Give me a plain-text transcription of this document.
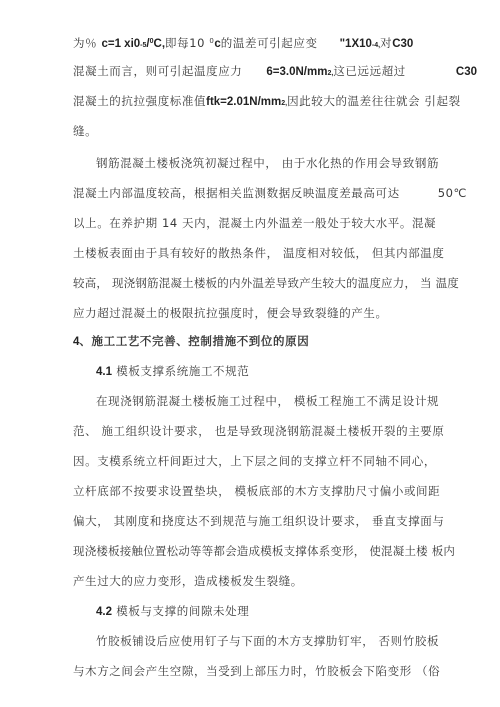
为％ c=1 xi0-5/$^0$C,即每10 $^0$c的温差可引起应变 "1X10-4,对C30
混凝土而言，则可引起温度应力 6=3.0N/mm2,这已远远超过	C30
混凝土的抗拉强度标准值ftk=2.01N/mm2,因此较大的温差往往就会 引起裂
缝。
钢筋混凝土楼板浇筑初凝过程中， 由于水化热的作用会导致钢筋
混凝土内部温度较高，根据相关监测数据反映温度差最高可达	50℃
以上。在养护期 14 天内，混凝土内外温差一般处于较大水平。混凝
土楼板表面由于具有较好的散热条件， 温度相对较低， 但其内部温度
较高， 现浇钢筋混凝土楼板的内外温差导致产生较大的温度应力， 当 温度
应力超过混凝土的极限抗拉强度时，便会导致裂缝的产生。
4、施工工艺不完善、控制措施不到位的原因
4.1 模板支撑系统施工不规范
在现浇钢筋混凝土楼板施工过程中， 模板工程施工不满足设计规
范、 施工组织设计要求， 也是导致现浇钢筋混凝土楼板开裂的主要原
因。支模系统立杆间距过大，上下层之间的支撑立杆不同轴不同心，
立杆底部不按要求设置垫块， 模板底部的木方支撑肋尺寸偏小或间距
偏大， 其刚度和挠度达不到规范与施工组织设计要求， 垂直支撑面与
现浇楼板接触位置松动等等都会造成模板支撑体系变形， 使混凝土楼 板内
产生过大的应力变形，造成楼板发生裂缝。
4.2 模板与支撑的间隙未处理
竹胶板铺设后应使用钉子与下面的木方支撑肋钉牢， 否则竹胶板
与木方之间会产生空隙，当受到上部压力时，竹胶板会下陷变形 （俗
